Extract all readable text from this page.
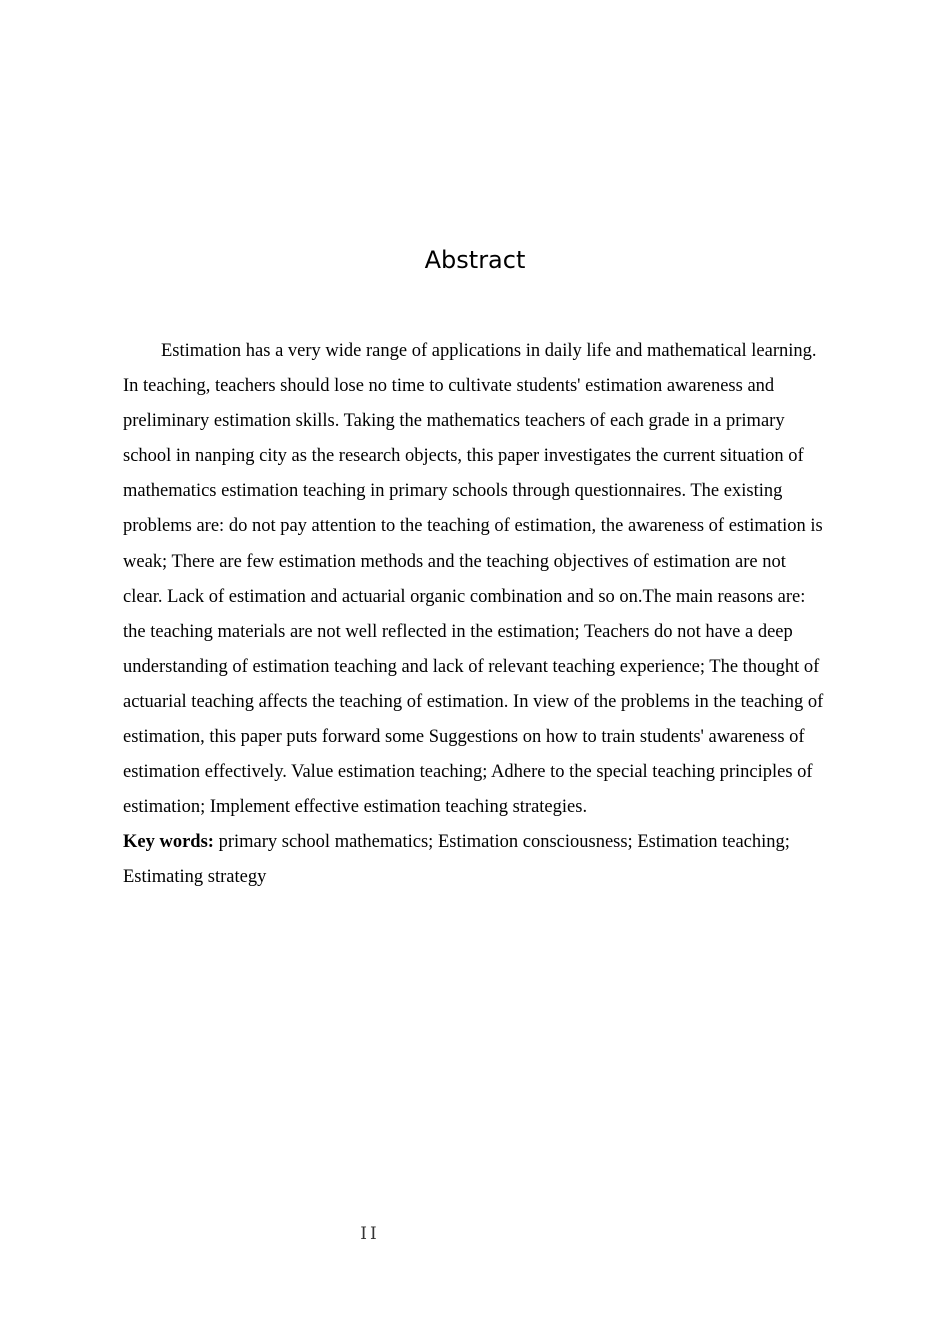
Abstract

Estimation has a very wide range of applications in daily life and mathematical learning. In teaching, teachers should lose no time to cultivate students' estimation awareness and preliminary estimation skills. Taking the mathematics teachers of each grade in a primary school in nanping city as the research objects, this paper investigates the current situation of mathematics estimation teaching in primary schools through questionnaires. The existing problems are: do not pay attention to the teaching of estimation, the awareness of estimation is weak; There are few estimation methods and the teaching objectives of estimation are not clear. Lack of estimation and actuarial organic combination and so on.The main reasons are: the teaching materials are not well reflected in the estimation; Teachers do not have a deep understanding of estimation teaching and lack of relevant teaching experience; The thought of actuarial teaching affects the teaching of estimation. In view of the problems in the teaching of estimation, this paper puts forward some Suggestions on how to train students' awareness of estimation effectively. Value estimation teaching; Adhere to the special teaching principles of estimation; Implement effective estimation teaching strategies.

Key words: primary school mathematics; Estimation consciousness; Estimation teaching; Estimating strategy

II
